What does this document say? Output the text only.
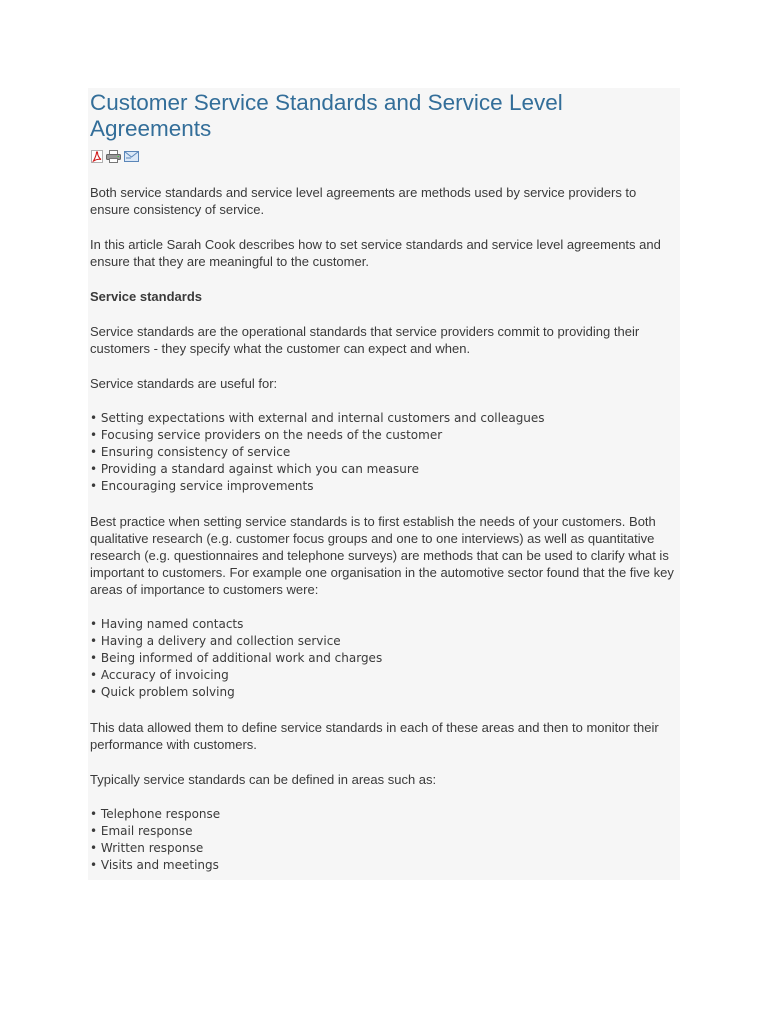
Customer Service Standards and Service Level Agreements

Both service standards and service level agreements are methods used by service providers to ensure consistency of service.

In this article Sarah Cook describes how to set service standards and service level agreements and ensure that they are meaningful to the customer.

Service standards

Service standards are the operational standards that service providers commit to providing their customers - they specify what the customer can expect and when.

Service standards are useful for:

• Setting expectations with external and internal customers and colleagues
• Focusing service providers on the needs of the customer
• Ensuring consistency of service
• Providing a standard against which you can measure
• Encouraging service improvements

Best practice when setting service standards is to first establish the needs of your customers. Both qualitative research (e.g. customer focus groups and one to one interviews) as well as quantitative research (e.g. questionnaires and telephone surveys) are methods that can be used to clarify what is important to customers. For example one organisation in the automotive sector found that the five key areas of importance to customers were:

• Having named contacts
• Having a delivery and collection service
• Being informed of additional work and charges
• Accuracy of invoicing
• Quick problem solving

This data allowed them to define service standards in each of these areas and then to monitor their performance with customers.

Typically service standards can be defined in areas such as:

• Telephone response
• Email response
• Written response
• Visits and meetings
